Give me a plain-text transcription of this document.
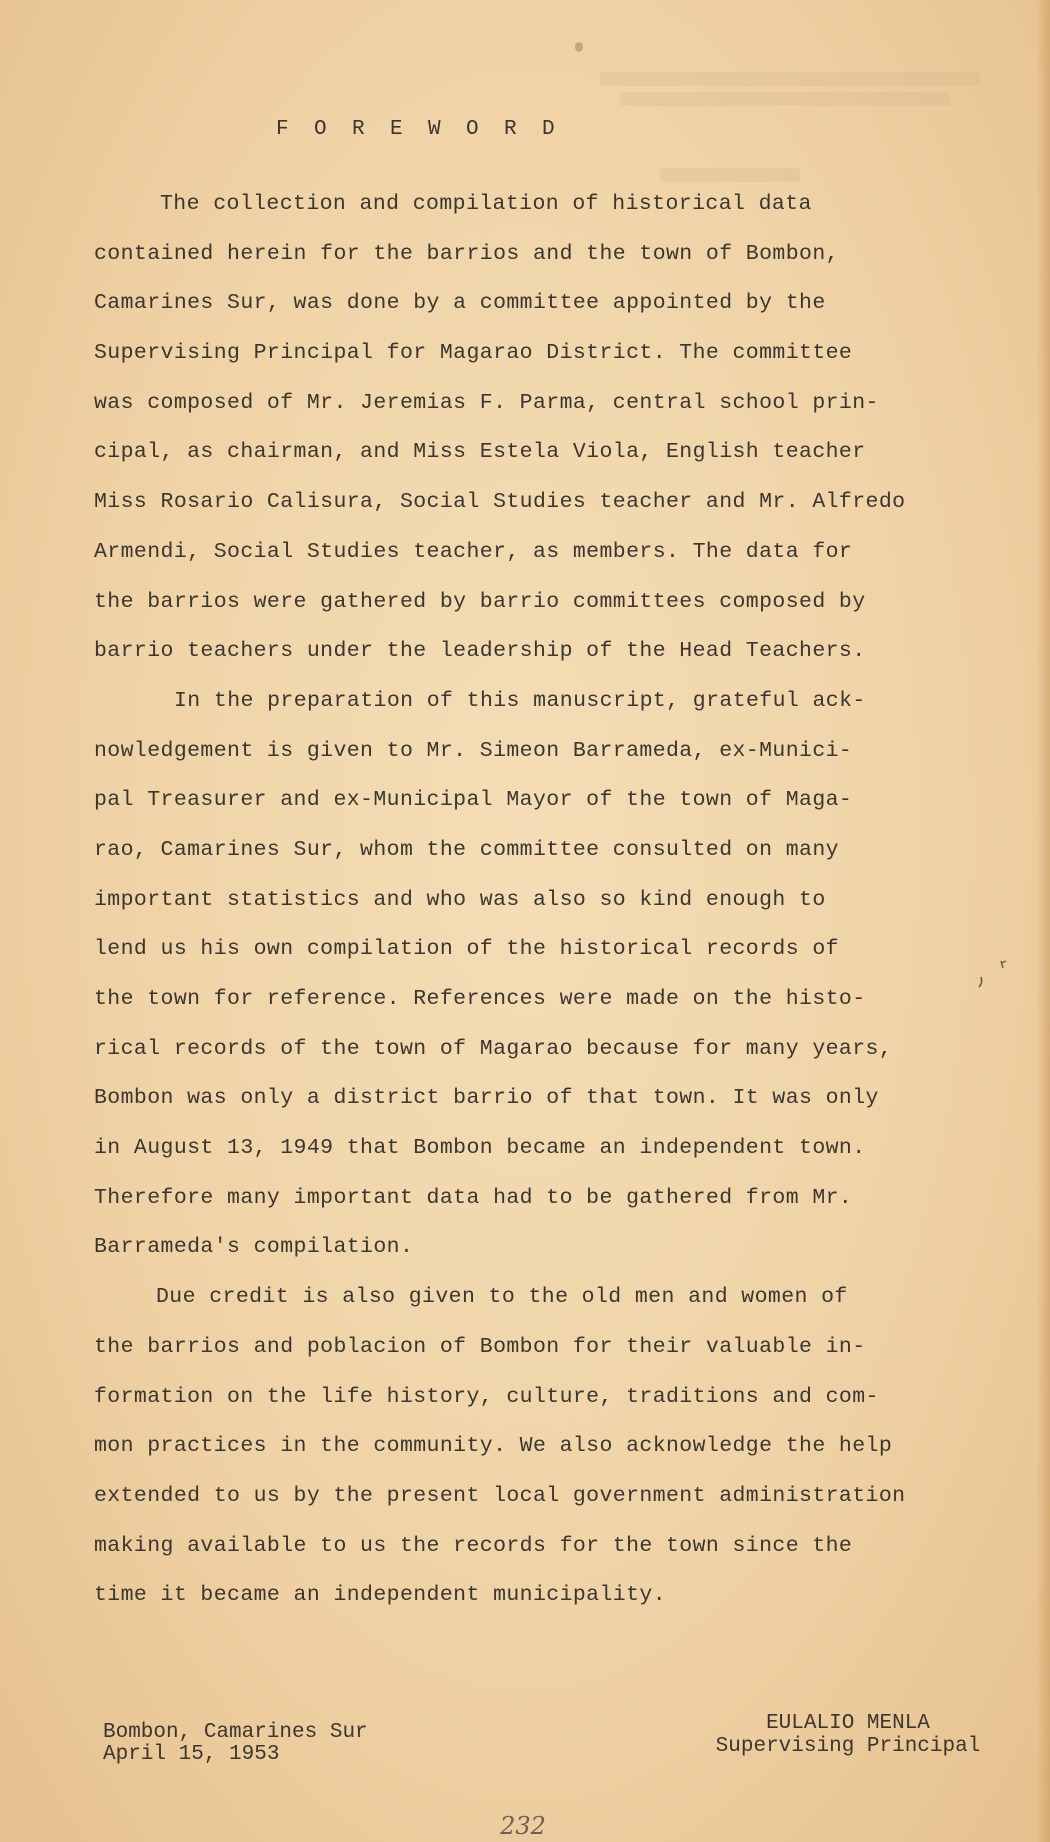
F O R E W O R D

The collection and compilation of historical data
contained herein for the barrios and the town of Bombon,
Camarines Sur, was done by a committee appointed by the
Supervising Principal for Magarao District. The committee
was composed of Mr. Jeremias F. Parma, central school prin-
cipal, as chairman, and Miss Estela Viola, English teacher
Miss Rosario Calisura, Social Studies teacher and Mr. Alfredo
Armendi, Social Studies teacher, as members. The data for
the barrios were gathered by barrio committees composed by
barrio teachers under the leadership of the Head Teachers.

In the preparation of this manuscript, grateful ack-
nowledgement is given to Mr. Simeon Barrameda, ex-Munici-
pal Treasurer and ex-Municipal Mayor of the town of Maga-
rao, Camarines Sur, whom the committee consulted on many
important statistics and who was also so kind enough to
lend us his own compilation of the historical records of
the town for reference. References were made on the histo-
rical records of the town of Magarao because for many years,
Bombon was only a district barrio of that town. It was only
in August 13, 1949 that Bombon became an independent town.
Therefore many important data had to be gathered from Mr.
Barrameda's compilation.

Due credit is also given to the old men and women of
the barrios and poblacion of Bombon for their valuable in-
formation on the life history, culture, traditions and com-
mon practices in the community. We also acknowledge the help
extended to us by the present local government administration
making available to us the records for the town since the
time it became an independent municipality.

Bombon, Camarines Sur
April 15, 1953
EULALIO MENLA
Supervising Principal
232
